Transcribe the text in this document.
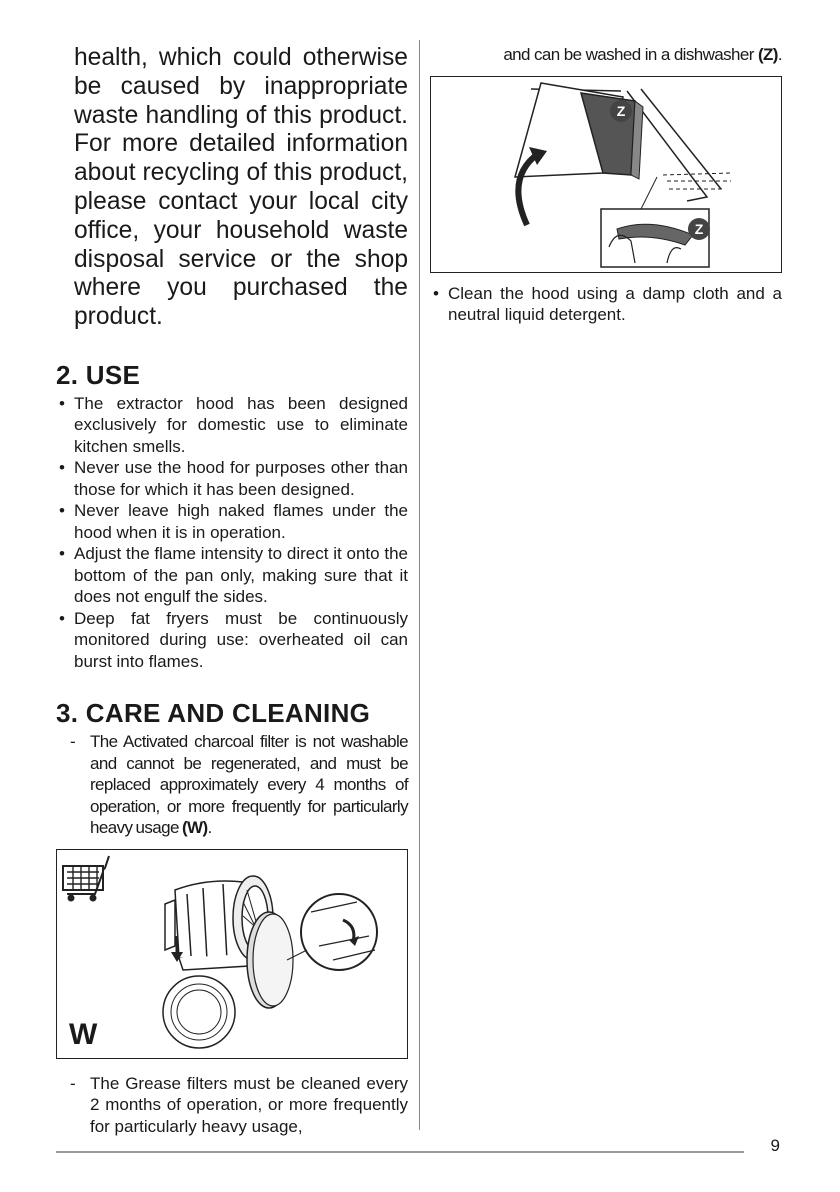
health, which could otherwise be caused by inappropriate waste handling of this product. For more detailed information about recycling of this product, please contact your local city office, your household waste disposal service or the shop where you purchased the product.

2. USE
• The extractor hood has been designed exclusively for domestic use to eliminate kitchen smells.
• Never use the hood for purposes other than those for which it has been designed.
• Never leave high naked flames under the hood when it is in operation.
• Adjust the flame intensity to direct it onto the bottom of the pan only, making sure that it does not engulf the sides.
• Deep fat fryers must be continuously monitored during use: overheated oil can burst into flames.
3. CARE AND CLEANING
- The Activated charcoal filter is not washable and cannot be regenerated, and must be replaced approximately every 4 months of operation, or more frequently for particularly heavy usage (W).
W
- The Grease filters must be cleaned every 2 months of operation, or more frequently for particularly heavy usage,

and can be washed in a dishwasher (Z).

Z
Z
• Clean the hood using a damp cloth and a neutral liquid detergent.
9
